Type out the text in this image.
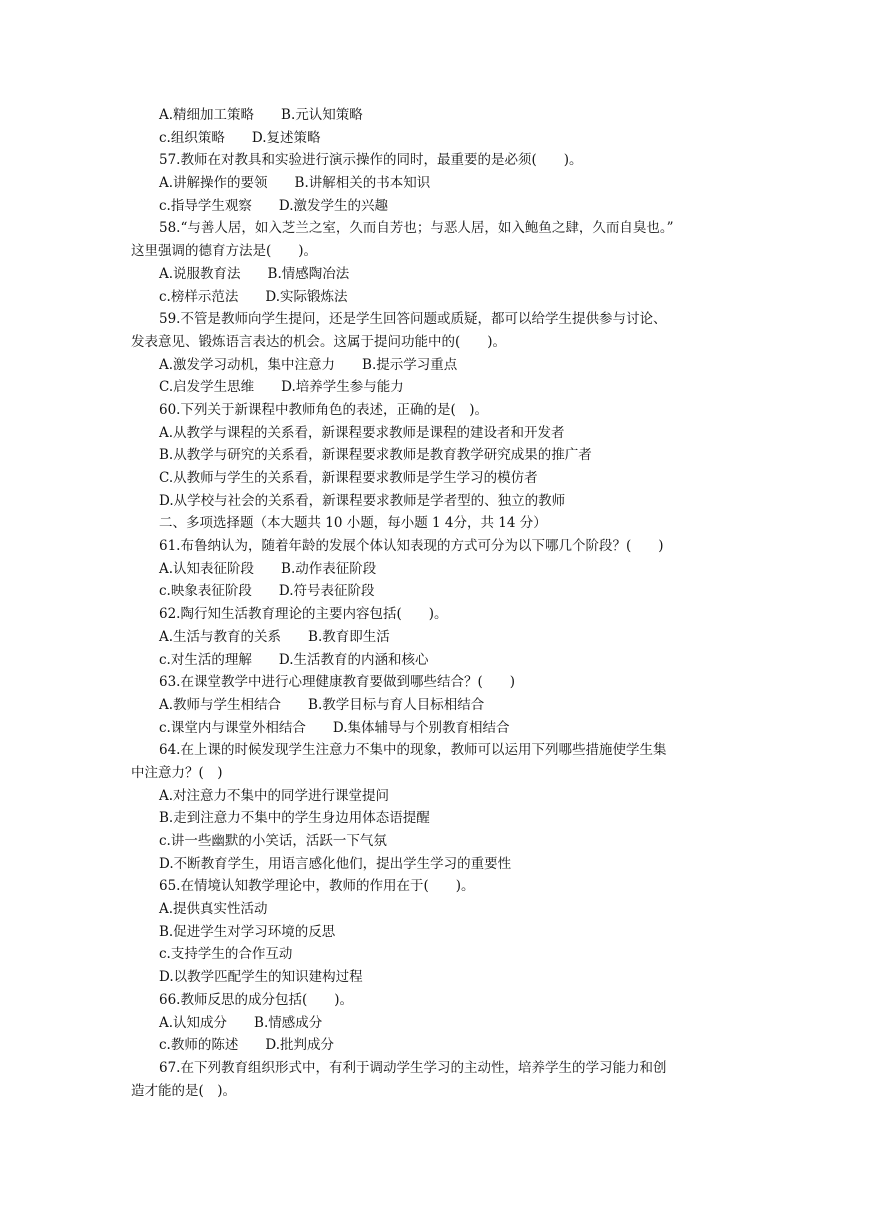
A.精细加工策略　　B.元认知策略
c.组织策略　　D.复述策略
57.教师在对教具和实验进行演示操作的同时，最重要的是必须(　　)。
A.讲解操作的要领　　B.讲解相关的书本知识
c.指导学生观察　　D.激发学生的兴趣
58.“与善人居，如入芝兰之室，久而自芳也；与恶人居，如入鲍鱼之肆，久而自臭也。”
这里强调的德育方法是(　　)。
A.说服教育法　　B.情感陶冶法
c.榜样示范法　　D.实际锻炼法
59.不管是教师向学生提问，还是学生回答问题或质疑，都可以给学生提供参与讨论、
发表意见、锻炼语言表达的机会。这属于提问功能中的(　　)。
A.激发学习动机，集中注意力　　B.提示学习重点
C.启发学生思维　　D.培养学生参与能力
60.下列关于新课程中教师角色的表述，正确的是(　)。
A.从教学与课程的关系看，新课程要求教师是课程的建设者和开发者
B.从教学与研究的关系看，新课程要求教师是教育教学研究成果的推广者
C.从教师与学生的关系看，新课程要求教师是学生学习的模仿者
D.从学校与社会的关系看，新课程要求教师是学者型的、独立的教师
二、多项选择题（本大题共 10 小题，每小题 1 4分，共 14 分）
61.布鲁纳认为，随着年龄的发展个体认知表现的方式可分为以下哪几个阶段？(　　)
A.认知表征阶段　　B.动作表征阶段
c.映象表征阶段　　D.符号表征阶段
62.陶行知生活教育理论的主要内容包括(　　)。
A.生活与教育的关系　　B.教育即生活
c.对生活的理解　　D.生活教育的内涵和核心
63.在课堂教学中进行心理健康教育要做到哪些结合？(　　)
A.教师与学生相结合　　B.教学目标与育人目标相结合
c.课堂内与课堂外相结合　　D.集体辅导与个别教育相结合
64.在上课的时候发现学生注意力不集中的现象，教师可以运用下列哪些措施使学生集
中注意力？(　)
A.对注意力不集中的同学进行课堂提问
B.走到注意力不集中的学生身边用体态语提醒
c.讲一些幽默的小笑话，活跃一下气氛
D.不断教育学生，用语言感化他们，提出学生学习的重要性
65.在情境认知教学理论中，教师的作用在于(　　)。
A.提供真实性活动
B.促进学生对学习环境的反思
c.支持学生的合作互动
D.以教学匹配学生的知识建构过程
66.教师反思的成分包括(　　)。
A.认知成分　　B.情感成分
c.教师的陈述　　D.批判成分
67.在下列教育组织形式中，有利于调动学生学习的主动性，培养学生的学习能力和创
造才能的是(　)。
